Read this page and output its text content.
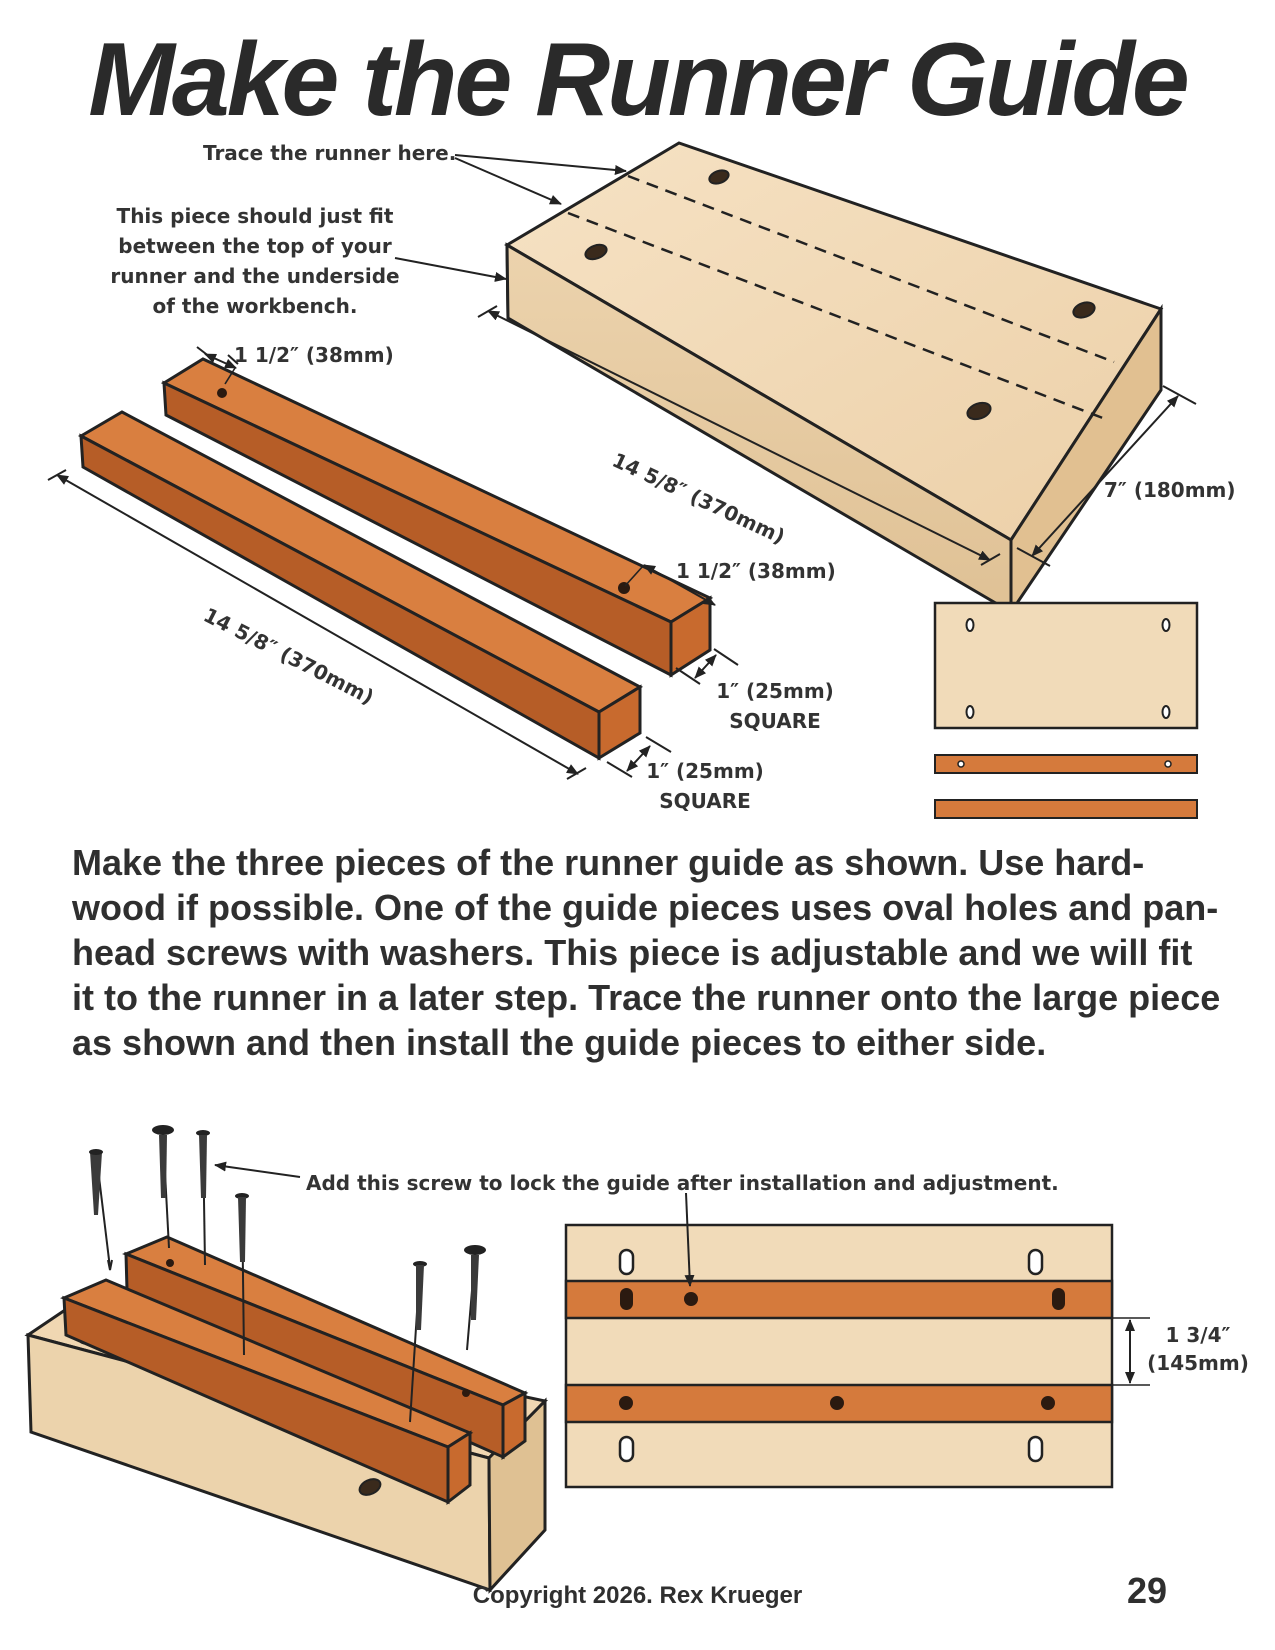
Make the Runner Guide
Trace the runner here.
This piece should just fit
between the top of your
runner and the underside
of the workbench.
1 1/2″ (38mm)
1 1/2″ (38mm)
14 5/8″ (370mm)	7″ (180mm)
14 5/8″ (370mm)	1″ (25mm)
SQUARE
1″ (25mm)
SQUARE
Make the three pieces of the runner guide as shown. Use hard-wood if possible. One of the guide pieces uses oval holes and pan-head screws with washers. This piece is adjustable and we will fit it to the runner in a later step. Trace the runner onto the large piece as shown and then install the guide pieces to either side.
Add this screw to lock the guide after installation and adjustment.
1 3/4″
(145mm)
Copyright 2026. Rex Krueger	29
